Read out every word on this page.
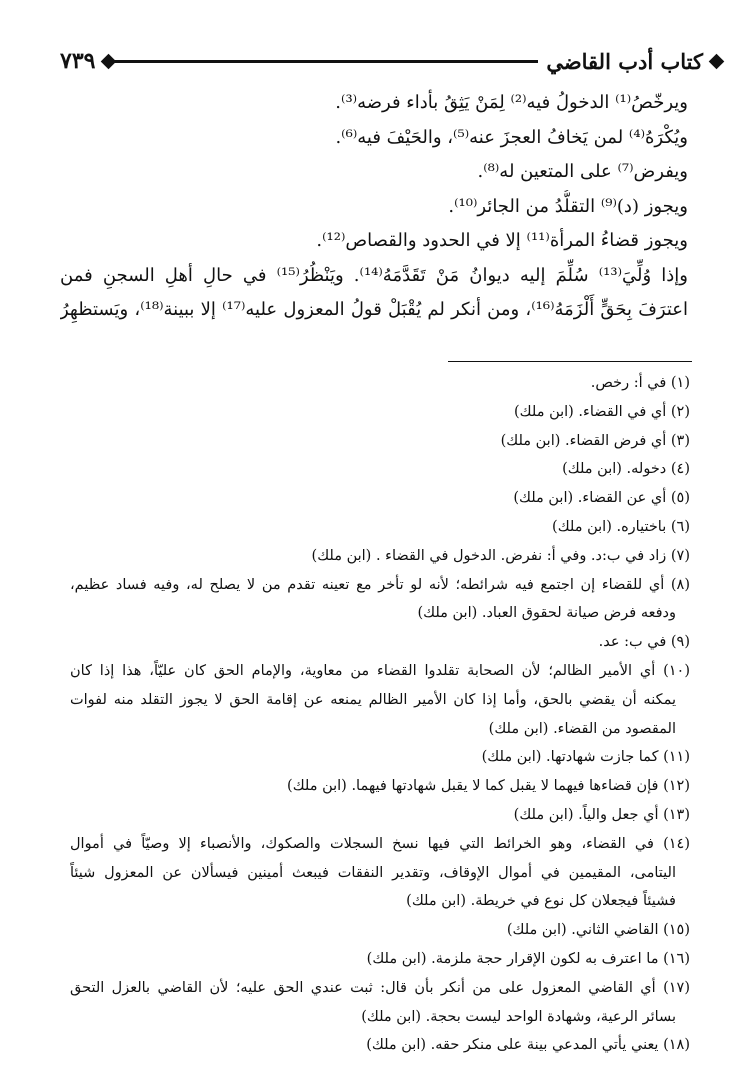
كتاب أدب القاضي
٧٣٩

ويرخّصُ⁽¹⁾ الدخولُ فيه⁽²⁾ لِمَنْ يَثِقُ بأداء فرضه⁽³⁾.

ويُكْرَهُ⁽⁴⁾ لمن يَخافُ العجزَ عنه⁽⁵⁾، والحَيْفَ فيه⁽⁶⁾.

ويفرض⁽⁷⁾ على المتعين له⁽⁸⁾.

ويجوز (د)⁽⁹⁾ التقلُّدُ من الجائر⁽¹⁰⁾.

ويجوز قضاءُ المرأة⁽¹¹⁾ إلا في الحدود والقصاص⁽¹²⁾.

وإذا وُلِّيَ⁽¹³⁾ سُلِّمَ إليه ديوانُ مَنْ تَقَدَّمَهُ⁽¹⁴⁾. ويَنْظُرُ⁽¹⁵⁾ في حالِ أهلِ السجنِ فمن

اعترَفَ بِحَقٍّ أَلْزَمَهُ⁽¹⁶⁾، ومن أنكر لم يُقْبَلْ قولُ المعزول عليه⁽¹⁷⁾ إلا ببينة⁽¹⁸⁾، ويَستظهِرُ

(١) في أ: رخص.

(٢) أي في القضاء. (ابن ملك)

(٣) أي فرض القضاء. (ابن ملك)

(٤) دخوله. (ابن ملك)

(٥) أي عن القضاء. (ابن ملك)

(٦) باختياره. (ابن ملك)

(٧) زاد في ب:د. وفي أ: نفرض. الدخول في القضاء . (ابن ملك)

(٨) أي للقضاء إن اجتمع فيه شرائطه؛ لأنه لو تأخر مع تعينه تقدم من لا يصلح له، وفيه فساد عظيم،

ودفعه فرض صيانة لحقوق العباد. (ابن ملك)

(٩) في ب: عد.

(١٠) أي الأمير الظالم؛ لأن الصحابة تقلدوا القضاء من معاوية، والإمام الحق كان عليّاً، هذا إذا كان

يمكنه أن يقضي بالحق، وأما إذا كان الأمير الظالم يمنعه عن إقامة الحق لا يجوز التقلد منه لفوات

المقصود من القضاء. (ابن ملك)

(١١) كما جازت شهادتها. (ابن ملك)

(١٢) فإن قضاءها فيهما لا يقبل كما لا يقبل شهادتها فيهما. (ابن ملك)

(١٣) أي جعل والياً. (ابن ملك)

(١٤) في القضاء، وهو الخرائط التي فيها نسخ السجلات والصكوك، والأنصباء إلا وصيّاً في أموال

اليتامى، المقيمين في أموال الإوقاف، وتقدير النفقات فيبعث أمينين فيسألان عن المعزول شيئاً

فشيئاً فيجعلان كل نوع في خريطة. (ابن ملك)

(١٥) القاضي الثاني. (ابن ملك)

(١٦) ما اعترف به لكون الإقرار حجة ملزمة. (ابن ملك)

(١٧) أي القاضي المعزول على من أنكر بأن قال: ثبت عندي الحق عليه؛ لأن القاضي بالعزل التحق

بسائر الرعية، وشهادة الواحد ليست بحجة. (ابن ملك)

(١٨) يعني يأتي المدعي بينة على منكر حقه. (ابن ملك)
